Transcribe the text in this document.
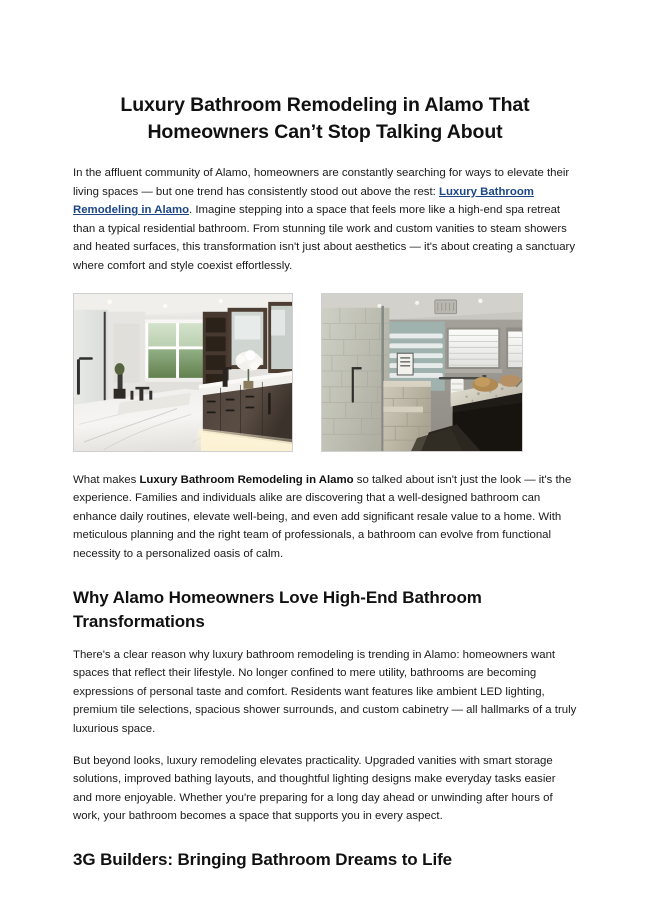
Luxury Bathroom Remodeling in Alamo That Homeowners Can’t Stop Talking About

In the affluent community of Alamo, homeowners are constantly searching for ways to elevate their living spaces — but one trend has consistently stood out above the rest: Luxury Bathroom Remodeling in Alamo. Imagine stepping into a space that feels more like a high-end spa retreat than a typical residential bathroom. From stunning tile work and custom vanities to steam showers and heated surfaces, this transformation isn't just about aesthetics — it's about creating a sanctuary where comfort and style coexist effortlessly.

What makes Luxury Bathroom Remodeling in Alamo so talked about isn't just the look — it's the experience. Families and individuals alike are discovering that a well-designed bathroom can enhance daily routines, elevate well-being, and even add significant resale value to a home. With meticulous planning and the right team of professionals, a bathroom can evolve from functional necessity to a personalized oasis of calm.

Why Alamo Homeowners Love High-End Bathroom Transformations

There's a clear reason why luxury bathroom remodeling is trending in Alamo: homeowners want spaces that reflect their lifestyle. No longer confined to mere utility, bathrooms are becoming expressions of personal taste and comfort. Residents want features like ambient LED lighting, premium tile selections, spacious shower surrounds, and custom cabinetry — all hallmarks of a truly luxurious space.

But beyond looks, luxury remodeling elevates practicality. Upgraded vanities with smart storage solutions, improved bathing layouts, and thoughtful lighting designs make everyday tasks easier and more enjoyable. Whether you're preparing for a long day ahead or unwinding after hours of work, your bathroom becomes a space that supports you in every aspect.

3G Builders: Bringing Bathroom Dreams to Life
